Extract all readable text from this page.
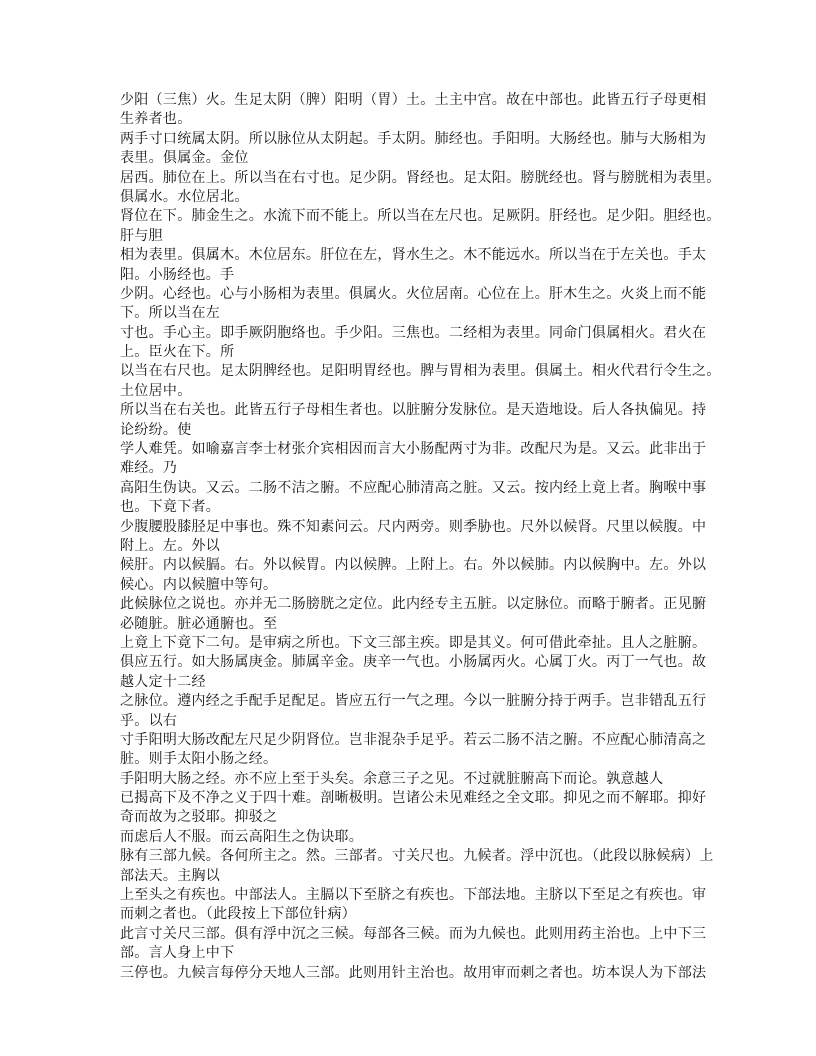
少阳（三焦）火。生足太阴（脾）阳明（胃）土。土主中宫。故在中部也。此皆五行子母更相
生养者也。
两手寸口统属太阴。所以脉位从太阴起。手太阴。肺经也。手阳明。大肠经也。肺与大肠相为
表里。俱属金。金位
居西。肺位在上。所以当在右寸也。足少阴。肾经也。足太阳。膀胱经也。肾与膀胱相为表里。
俱属水。水位居北。
肾位在下。肺金生之。水流下而不能上。所以当在左尺也。足厥阴。肝经也。足少阳。胆经也。
肝与胆
相为表里。俱属木。木位居东。肝位在左，肾水生之。木不能远水。所以当在于左关也。手太
阳。小肠经也。手
少阴。心经也。心与小肠相为表里。俱属火。火位居南。心位在上。肝木生之。火炎上而不能
下。所以当在左
寸也。手心主。即手厥阴胞络也。手少阳。三焦也。二经相为表里。同命门俱属相火。君火在
上。臣火在下。所
以当在右尺也。足太阴脾经也。足阳明胃经也。脾与胃相为表里。俱属土。相火代君行令生之。
土位居中。
所以当在右关也。此皆五行子母相生者也。以脏腑分发脉位。是天造地设。后人各执偏见。持
论纷纷。使
学人难凭。如喻嘉言李士材张介宾相因而言大小肠配两寸为非。改配尺为是。又云。此非出于
难经。乃
高阳生伪诀。又云。二肠不洁之腑。不应配心肺清高之脏。又云。按内经上竟上者。胸喉中事
也。下竟下者。
少腹腰股膝胫足中事也。殊不知素问云。尺内两旁。则季胁也。尺外以候肾。尺里以候腹。中
附上。左。外以
候肝。内以候膈。右。外以候胃。内以候脾。上附上。右。外以候肺。内以候胸中。左。外以
候心。内以候膻中等句。
此候脉位之说也。亦并无二肠膀胱之定位。此内经专主五脏。以定脉位。而略于腑者。正见腑
必随脏。脏必通腑也。至
上竟上下竟下二句。是审病之所也。下文三部主疾。即是其义。何可借此牵扯。且人之脏腑。
俱应五行。如大肠属庚金。肺属辛金。庚辛一气也。小肠属丙火。心属丁火。丙丁一气也。故
越人定十二经
之脉位。遵内经之手配手足配足。皆应五行一气之理。今以一脏腑分持于两手。岂非错乱五行
乎。以右
寸手阳明大肠改配左尺足少阴肾位。岂非混杂手足乎。若云二肠不洁之腑。不应配心肺清高之
脏。则手太阳小肠之经。
手阳明大肠之经。亦不应上至于头矣。余意三子之见。不过就脏腑高下而论。孰意越人
已揭高下及不净之义于四十难。剖晰极明。岂诸公未见难经之全文耶。抑见之而不解耶。抑好
奇而故为之驳耶。抑驳之
而虑后人不服。而云高阳生之伪诀耶。
脉有三部九候。各何所主之。然。三部者。寸关尺也。九候者。浮中沉也。（此段以脉候病）上
部法天。主胸以
上至头之有疾也。中部法人。主膈以下至脐之有疾也。下部法地。主脐以下至足之有疾也。审
而刺之者也。（此段按上下部位针病）
此言寸关尺三部。俱有浮中沉之三候。每部各三候。而为九候也。此则用药主治也。上中下三
部。言人身上中下
三停也。九候言每停分天地人三部。此则用针主治也。故用审而刺之者也。坊本误人为下部法
